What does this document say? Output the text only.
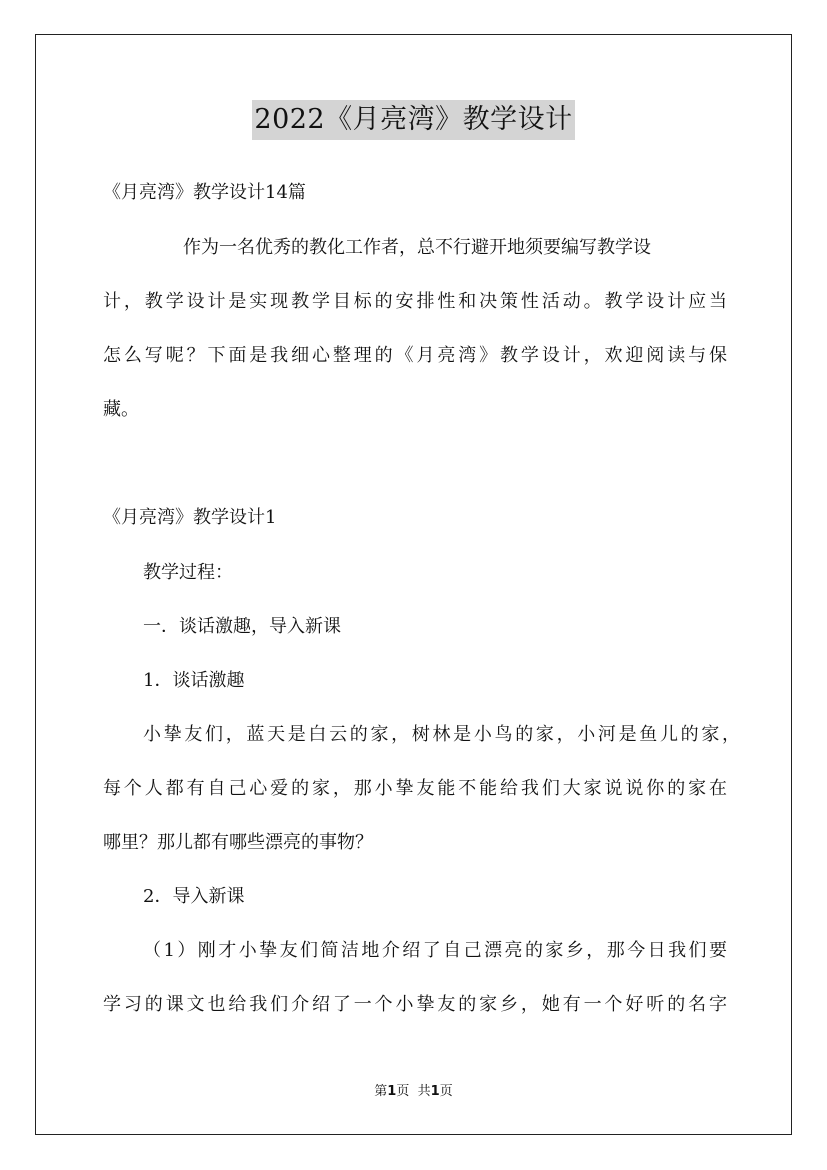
2022《月亮湾》教学设计
《月亮湾》教学设计14篇
作为一名优秀的教化工作者，总不行避开地须要编写教学设
计，教学设计是实现教学目标的安排性和决策性活动。教学设计应当
怎么写呢？下面是我细心整理的《月亮湾》教学设计，欢迎阅读与保
藏。
《月亮湾》教学设计1
教学过程：
一．谈话激趣，导入新课
1．谈话激趣
小挚友们，蓝天是白云的家，树林是小鸟的家，小河是鱼儿的家，
每个人都有自己心爱的家，那小挚友能不能给我们大家说说你的家在
哪里？那儿都有哪些漂亮的事物？
2．导入新课
（1）刚才小挚友们简洁地介绍了自己漂亮的家乡，那今日我们要
学习的课文也给我们介绍了一个小挚友的家乡，她有一个好听的名字
第1页 共1页
